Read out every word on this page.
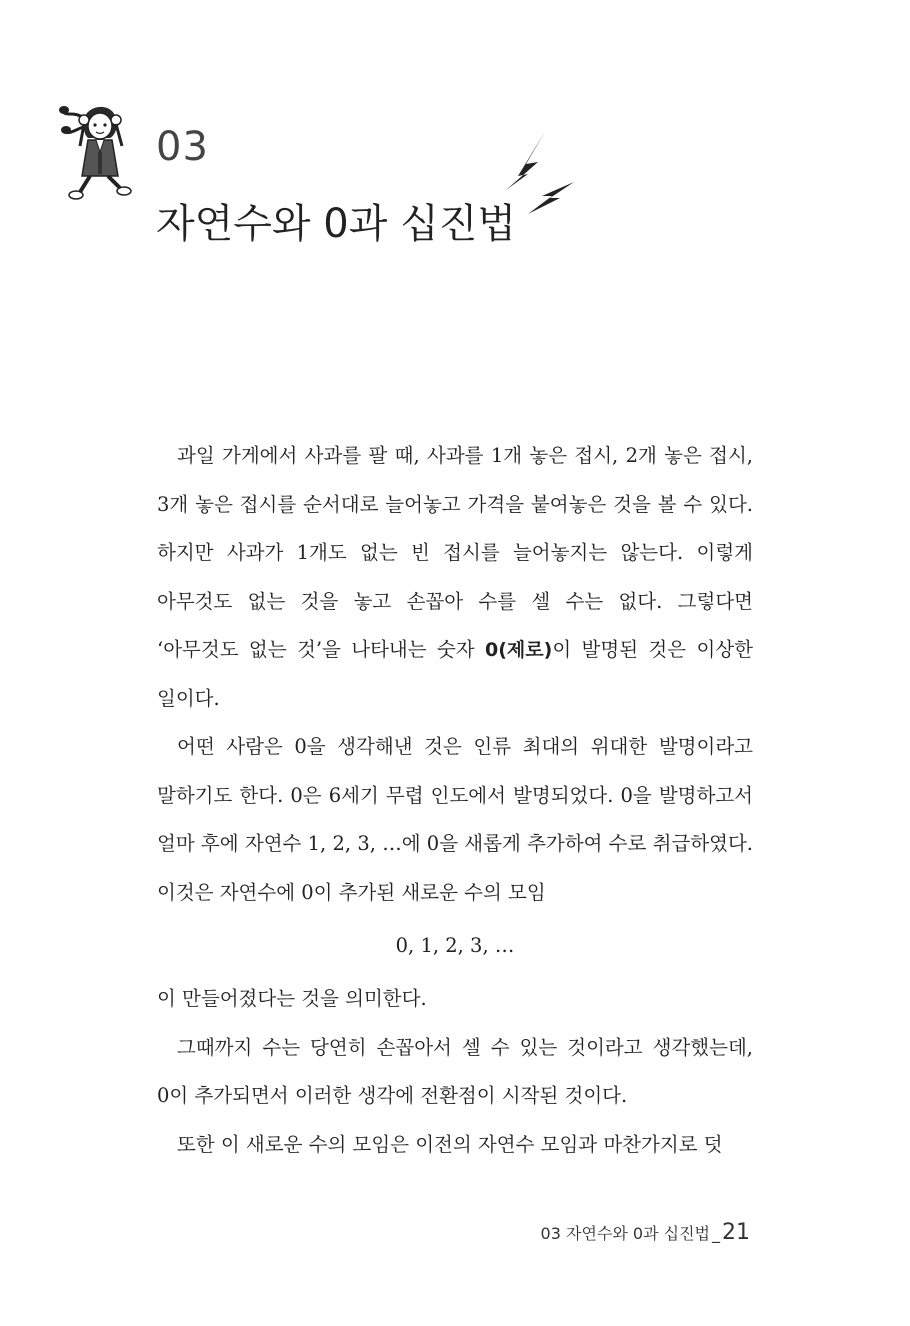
03
자연수와 0과 십진법

과일 가게에서 사과를 팔 때, 사과를 1개 놓은 접시, 2개 놓은 접시, 3개 놓은 접시를 순서대로 늘어놓고 가격을 붙여놓은 것을 볼 수 있다. 하지만 사과가 1개도 없는 빈 접시를 늘어놓지는 않는다. 이렇게 아무것도 없는 것을 놓고 손꼽아 수를 셀 수는 없다. 그렇다면 ‘아무것도 없는 것’을 나타내는 숫자 0(제로)이 발명된 것은 이상한 일이다.

어떤 사람은 0을 생각해낸 것은 인류 최대의 위대한 발명이라고 말하기도 한다. 0은 6세기 무렵 인도에서 발명되었다. 0을 발명하고서 얼마 후에 자연수 1, 2, 3, …에 0을 새롭게 추가하여 수로 취급하였다. 이것은 자연수에 0이 추가된 새로운 수의 모임

0, 1, 2, 3, …

이 만들어졌다는 것을 의미한다.

그때까지 수는 당연히 손꼽아서 셀 수 있는 것이라고 생각했는데, 0이 추가되면서 이러한 생각에 전환점이 시작된 것이다.

또한 이 새로운 수의 모임은 이전의 자연수 모임과 마찬가지로 덧

03 자연수와 0과 십진법 _21
